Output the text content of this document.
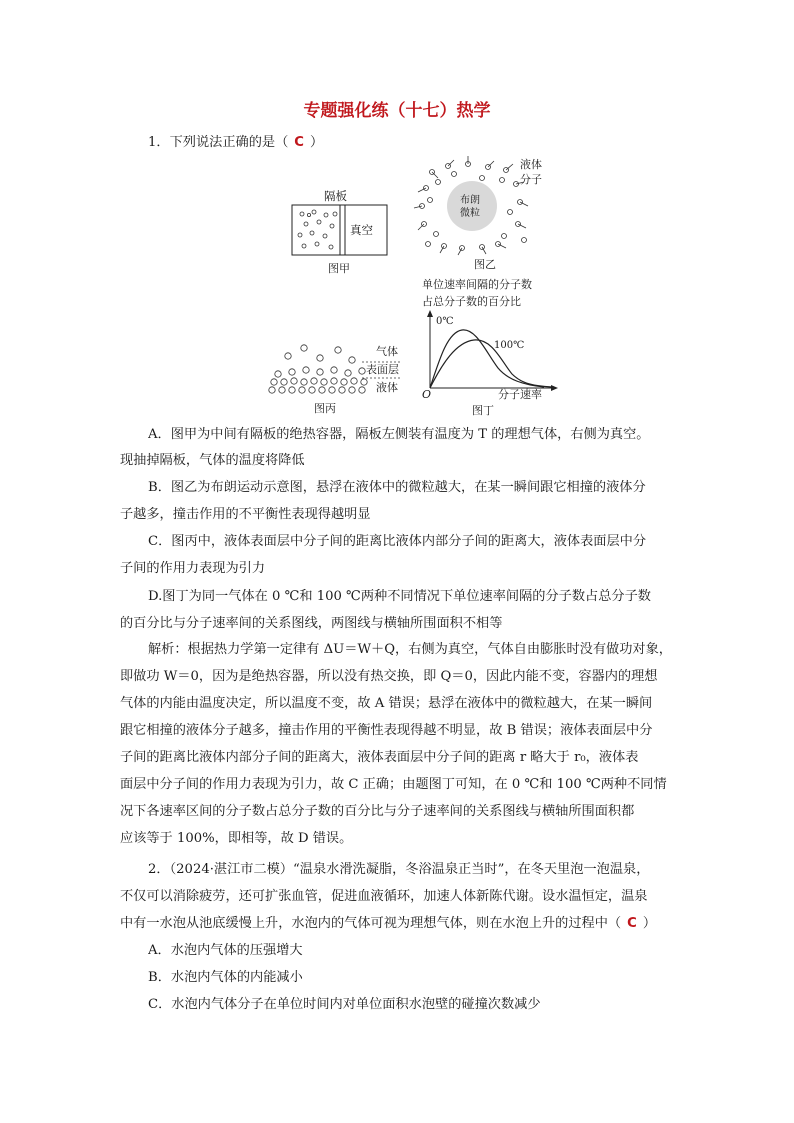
专题强化练（十七）热学
1．下列说法正确的是（ C ）
隔板
真空
图甲
布朗
微粒
液体
分子
图乙
气体
表面层
液体
图丙
单位速率间隔的分子数
占总分子数的百分比
0℃
100℃
O	分子速率
图丁
A．图甲为中间有隔板的绝热容器，隔板左侧装有温度为 T 的理想气体，右侧为真空。
现抽掉隔板，气体的温度将降低
B．图乙为布朗运动示意图，悬浮在液体中的微粒越大，在某一瞬间跟它相撞的液体分
子越多，撞击作用的不平衡性表现得越明显
C．图丙中，液体表面层中分子间的距离比液体内部分子间的距离大，液体表面层中分
子间的作用力表现为引力
D.图丁为同一气体在 0 ℃和 100 ℃两种不同情况下单位速率间隔的分子数占总分子数
的百分比与分子速率间的关系图线，两图线与横轴所围面积不相等
解析：根据热力学第一定律有 ΔU＝W＋Q，右侧为真空，气体自由膨胀时没有做功对象，
即做功 W＝0，因为是绝热容器，所以没有热交换，即 Q＝0，因此内能不变，容器内的理想
气体的内能由温度决定，所以温度不变，故 A 错误；悬浮在液体中的微粒越大，在某一瞬间
跟它相撞的液体分子越多，撞击作用的平衡性表现得越不明显，故 B 错误；液体表面层中分
子间的距离比液体内部分子间的距离大，液体表面层中分子间的距离 r 略大于 r₀，液体表
面层中分子间的作用力表现为引力，故 C 正确；由题图丁可知，在 0 ℃和 100 ℃两种不同情
况下各速率区间的分子数占总分子数的百分比与分子速率间的关系图线与横轴所围面积都
应该等于 100%，即相等，故 D 错误。
2．（2024·湛江市二模）“温泉水滑洗凝脂，冬浴温泉正当时”，在冬天里泡一泡温泉，
不仅可以消除疲劳，还可扩张血管，促进血液循环，加速人体新陈代谢。设水温恒定，温泉
中有一水泡从池底缓慢上升，水泡内的气体可视为理想气体，则在水泡上升的过程中（ C ）
A．水泡内气体的压强增大
B．水泡内气体的内能减小
C．水泡内气体分子在单位时间内对单位面积水泡壁的碰撞次数减少
